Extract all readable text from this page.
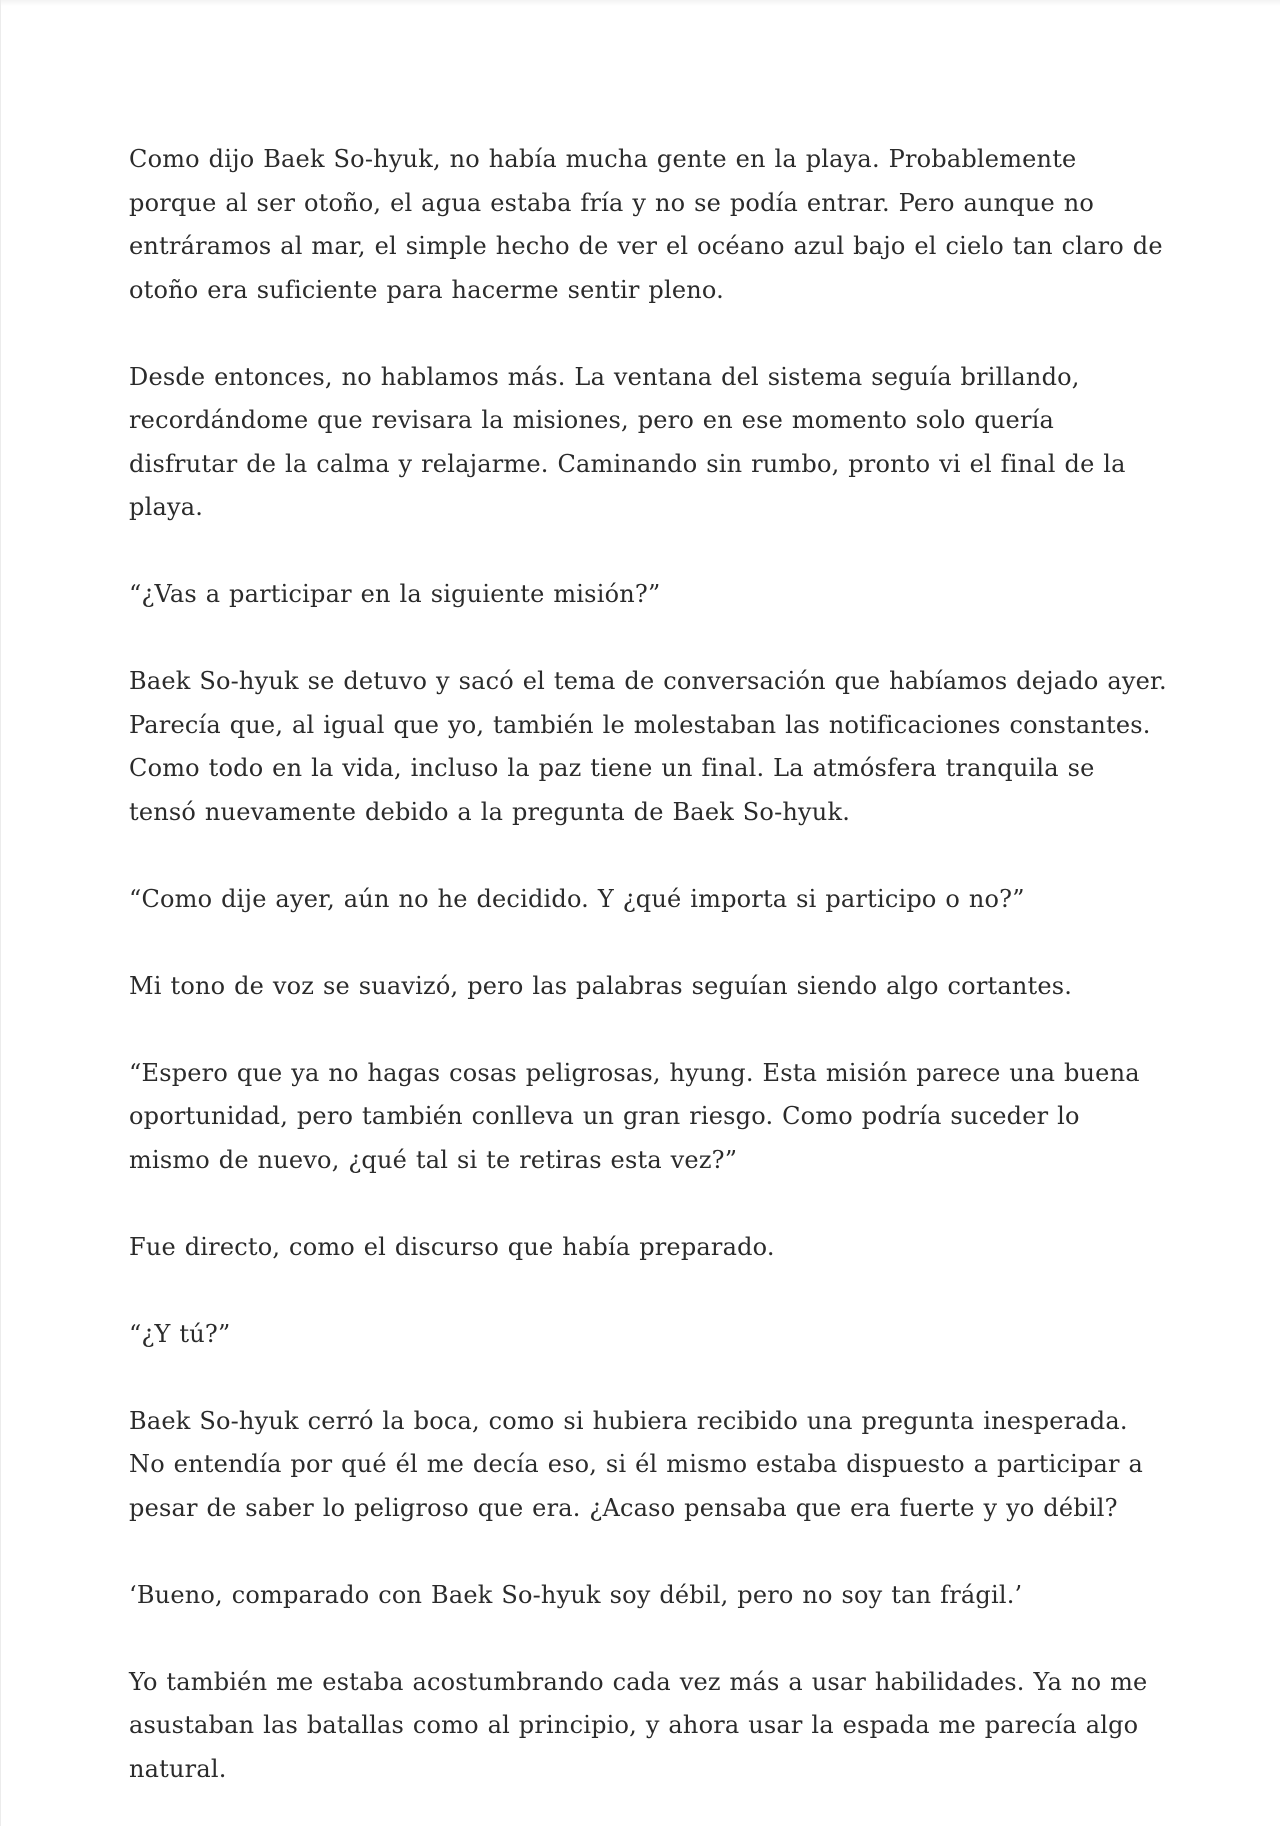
Como dijo Baek So-hyuk, no había mucha gente en la playa. Probablemente porque al ser otoño, el agua estaba fría y no se podía entrar. Pero aunque no entráramos al mar, el simple hecho de ver el océano azul bajo el cielo tan claro de otoño era suficiente para hacerme sentir pleno.

Desde entonces, no hablamos más. La ventana del sistema seguía brillando, recordándome que revisara la misiones, pero en ese momento solo quería disfrutar de la calma y relajarme. Caminando sin rumbo, pronto vi el final de la playa.

“¿Vas a participar en la siguiente misión?”

Baek So-hyuk se detuvo y sacó el tema de conversación que habíamos dejado ayer. Parecía que, al igual que yo, también le molestaban las notificaciones constantes. Como todo en la vida, incluso la paz tiene un final. La atmósfera tranquila se tensó nuevamente debido a la pregunta de Baek So-hyuk.

“Como dije ayer, aún no he decidido. Y ¿qué importa si participo o no?”

Mi tono de voz se suavizó, pero las palabras seguían siendo algo cortantes.

“Espero que ya no hagas cosas peligrosas, hyung. Esta misión parece una buena oportunidad, pero también conlleva un gran riesgo. Como podría suceder lo mismo de nuevo, ¿qué tal si te retiras esta vez?”

Fue directo, como el discurso que había preparado.

“¿Y tú?”

Baek So-hyuk cerró la boca, como si hubiera recibido una pregunta inesperada. No entendía por qué él me decía eso, si él mismo estaba dispuesto a participar a pesar de saber lo peligroso que era. ¿Acaso pensaba que era fuerte y yo débil?

‘Bueno, comparado con Baek So-hyuk soy débil, pero no soy tan frágil.’

Yo también me estaba acostumbrando cada vez más a usar habilidades. Ya no me asustaban las batallas como al principio, y ahora usar la espada me parecía algo natural.
